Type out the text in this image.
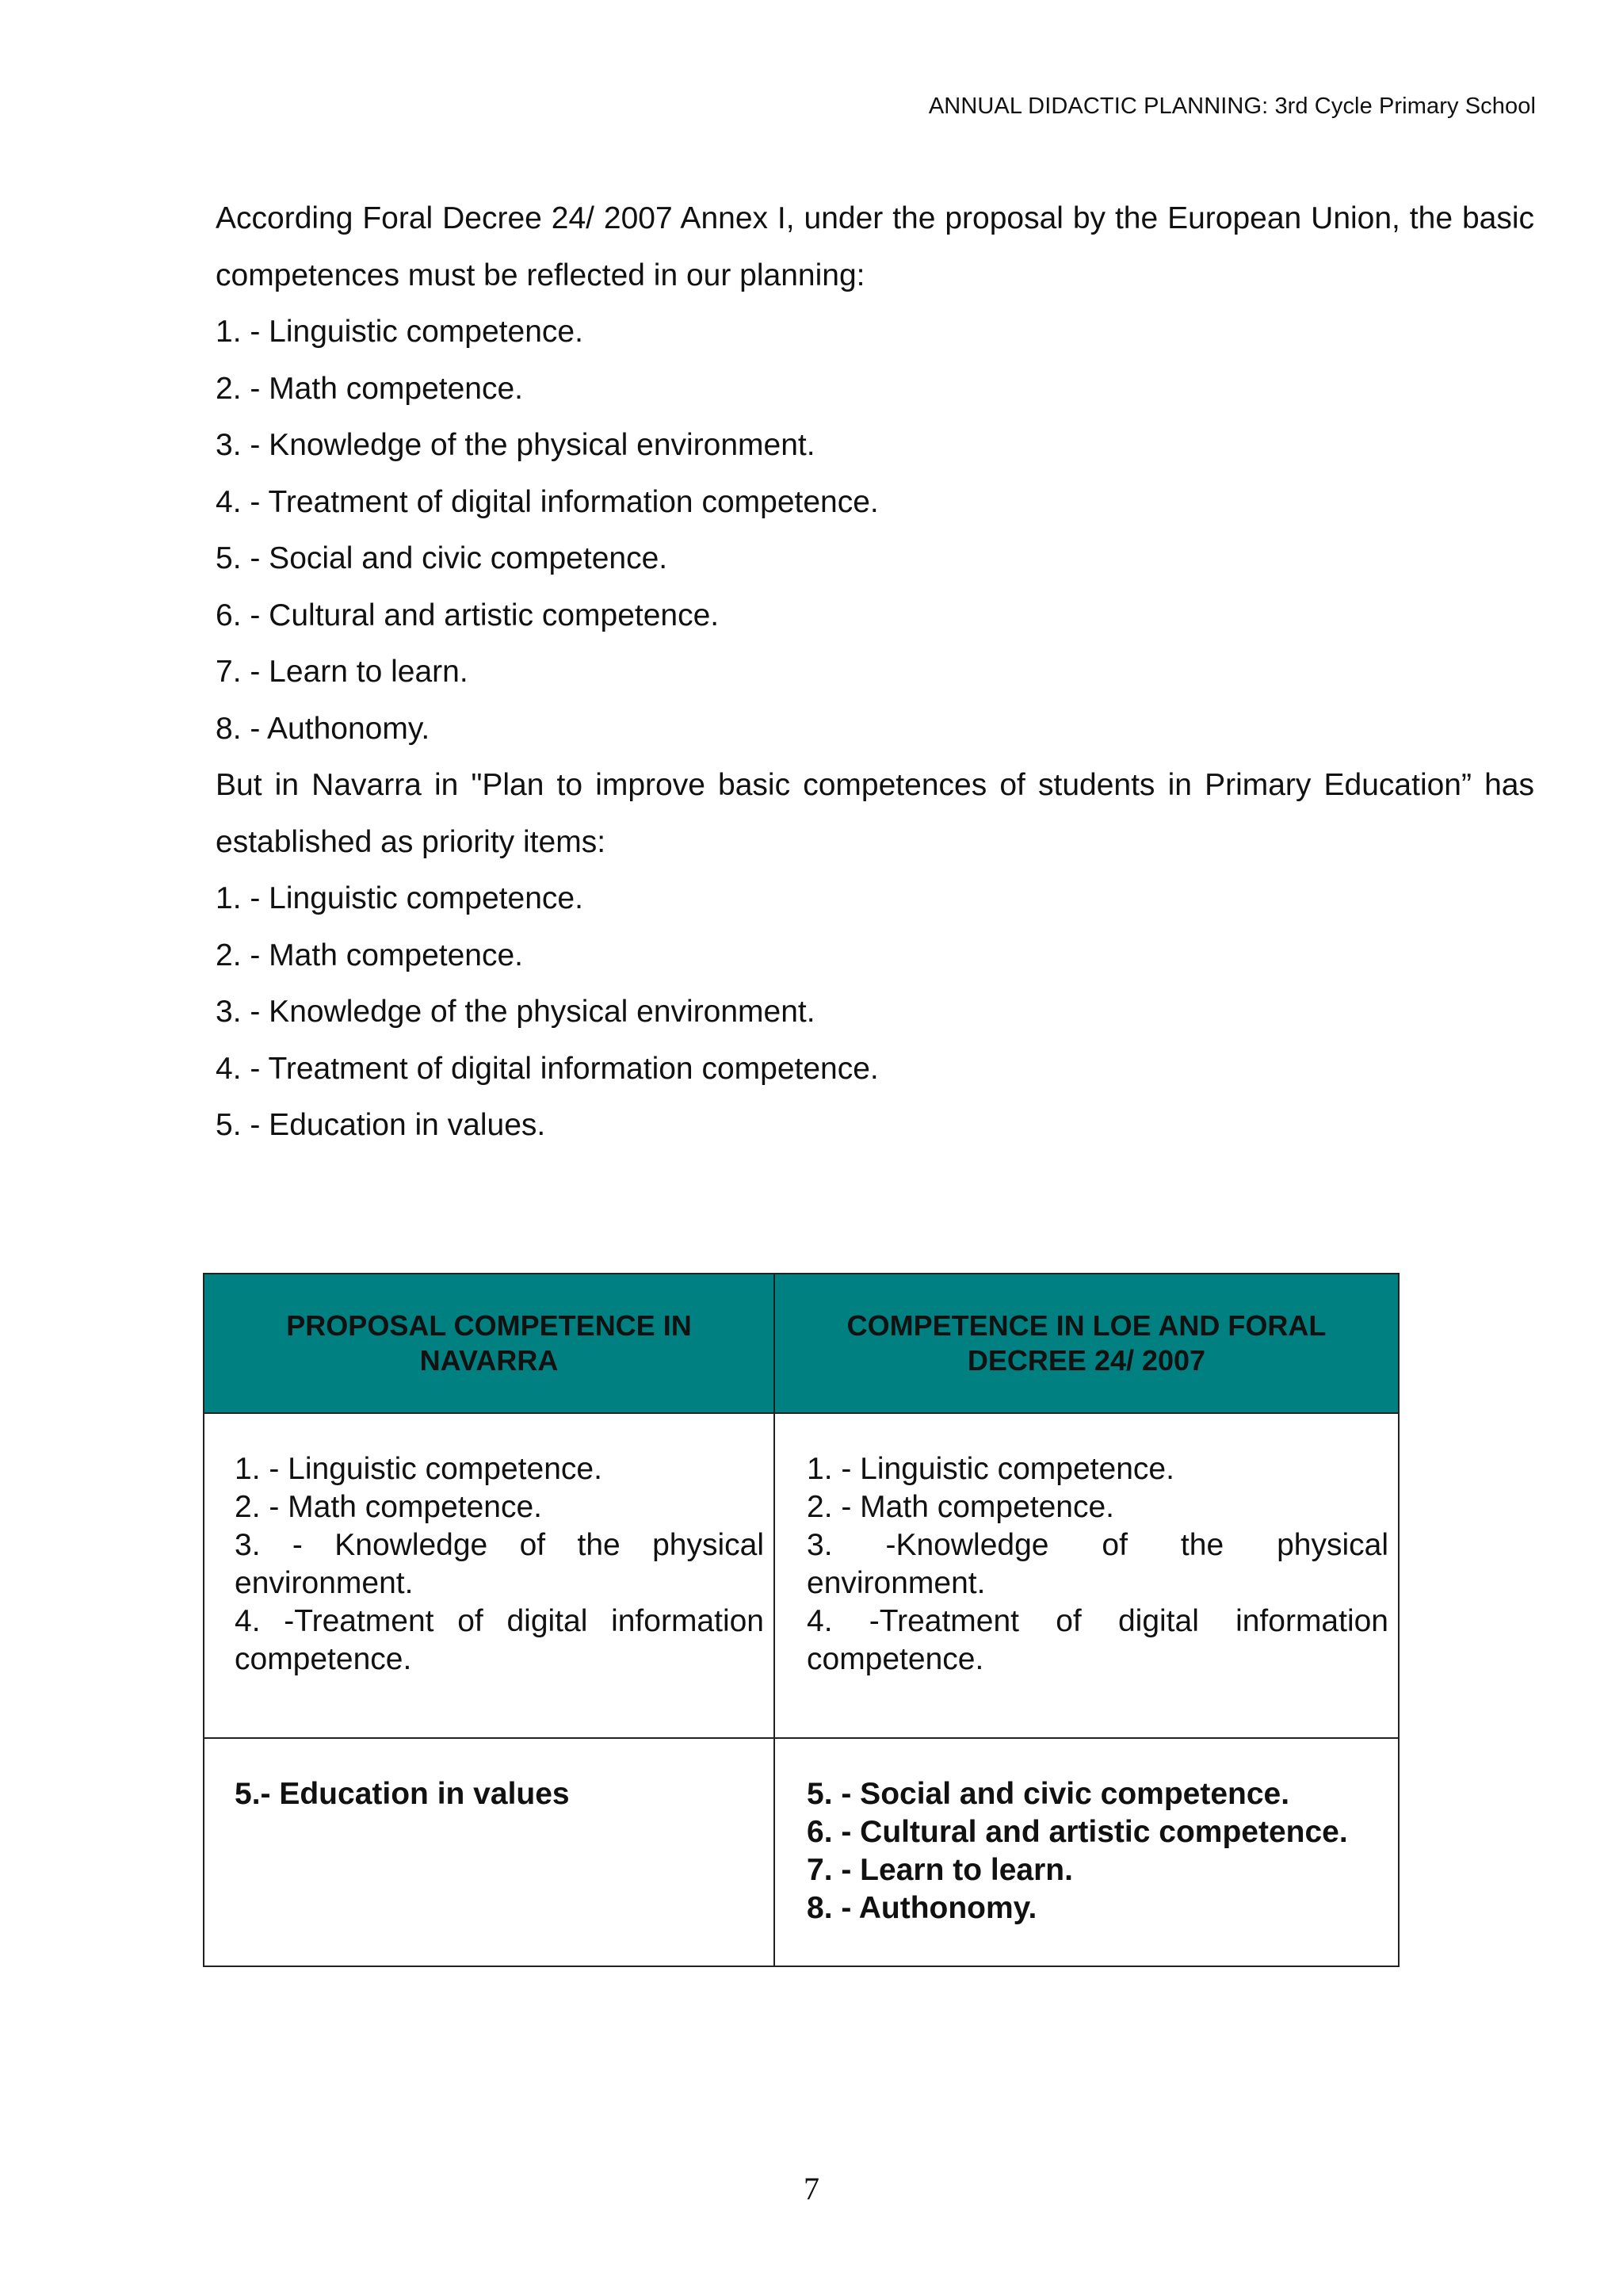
ANNUAL DIDACTIC PLANNING: 3rd Cycle Primary School

According Foral Decree 24/ 2007 Annex I, under the proposal by the European Union, the basic competences must be reflected in our planning:

1. - Linguistic competence.
2. - Math competence.
3. - Knowledge of the physical environment.
4. - Treatment of digital information competence.
5. - Social and civic competence.
6. - Cultural and artistic competence.
7. - Learn to learn.
8. - Authonomy.

But in Navarra in "Plan to improve basic competences of students in Primary Education” has established as priority items:

1. - Linguistic competence.
2. - Math competence.
3. - Knowledge of the physical environment.
4. - Treatment of digital information competence.
5. - Education in values.
PROPOSAL COMPETENCE IN NAVARRA	COMPETENCE IN LOE AND FORAL DECREE 24/ 2007

1. - Linguistic competence.
2. - Math competence.
3. - Knowledge of the physical environment.
4. -Treatment of digital information competence.	1. - Linguistic competence.
2. - Math competence.
3. -Knowledge of the physical environment.
4. -Treatment of digital information competence.

5.- Education in values	5. - Social and civic competence.
6. - Cultural and artistic competence.
7. - Learn to learn.
8. - Authonomy.
7
